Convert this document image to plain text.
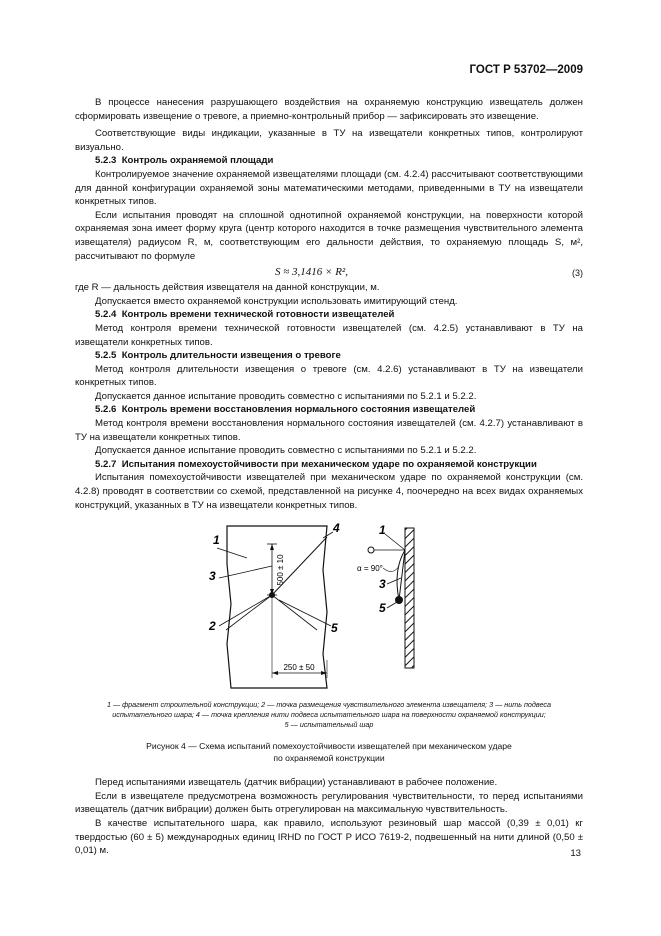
ГОСТ Р 53702—2009

В процессе нанесения разрушающего воздействия на охраняемую конструкцию извещатель должен сформировать извещение о тревоге, а приемно-контрольный прибор — зафиксировать это извещение.

Соответствующие виды индикации, указанные в ТУ на извещатели конкретных типов, контролируют визуально.

5.2.3 Контроль охраняемой площади

Контролируемое значение охраняемой извещателями площади (см. 4.2.4) рассчитывают соответствующими для данной конфигурации охраняемой зоны математическими методами, приведенными в ТУ на извещатели конкретных типов.

Если испытания проводят на сплошной однотипной охраняемой конструкции, на поверхности которой охраняемая зона имеет форму круга (центр которого находится в точке размещения чувствительного элемента извещателя) радиусом R, м, соответствующим его дальности действия, то охраняемую площадь S, м², рассчитывают по формуле

S ≈ 3,1416 × R²,	(3)

где R — дальность действия извещателя на данной конструкции, м.

Допускается вместо охраняемой конструкции использовать имитирующий стенд.

5.2.4 Контроль времени технической готовности извещателей

Метод контроля времени технической готовности извещателей (см. 4.2.5) устанавливают в ТУ на извещатели конкретных типов.

5.2.5 Контроль длительности извещения о тревоге

Метод контроля длительности извещения о тревоге (см. 4.2.6) устанавливают в ТУ на извещатели конкретных типов.

Допускается данное испытание проводить совместно с испытаниями по 5.2.1 и 5.2.2.

5.2.6 Контроль времени восстановления нормального состояния извещателей

Метод контроля времени восстановления нормального состояния извещателей (см. 4.2.7) устанавливают в ТУ на извещатели конкретных типов.

Допускается данное испытание проводить совместно с испытаниями по 5.2.1 и 5.2.2.

5.2.7 Испытания помехоустойчивости при механическом ударе по охраняемой конструкции

Испытания помехоустойчивости извещателей при механическом ударе по охраняемой конструкции (см. 4.2.8) проводят в соответствии со схемой, представленной на рисунке 4, поочередно на всех видах охраняемых конструкций, указанных в ТУ на извещатели конкретных типов.

500 ± 10
250 ± 50
1
3
2
4
5
α = 90°
1
3
5
1 — фрагмент строительной конструкции; 2 — точка размещения чувствительного элемента извещателя; 3 — нить подвеса
испытательного шара; 4 — точка крепления нити подвеса испытательного шара на поверхности охраняемой конструкции;
5 — испытательный шар
Рисунок 4 — Схема испытаний помехоустойчивости извещателей при механическом ударе
по охраняемой конструкции

Перед испытаниями извещатель (датчик вибрации) устанавливают в рабочее положение.

Если в извещателе предусмотрена возможность регулирования чувствительности, то перед испытаниями извещатель (датчик вибрации) должен быть отрегулирован на максимальную чувствительность.

В качестве испытательного шара, как правило, используют резиновый шар массой (0,39 ± 0,01) кг твердостью (60 ± 5) международных единиц IRHD по ГОСТ Р ИСО 7619-2, подвешенный на нити длиной (0,50 ± 0,01) м.	13
